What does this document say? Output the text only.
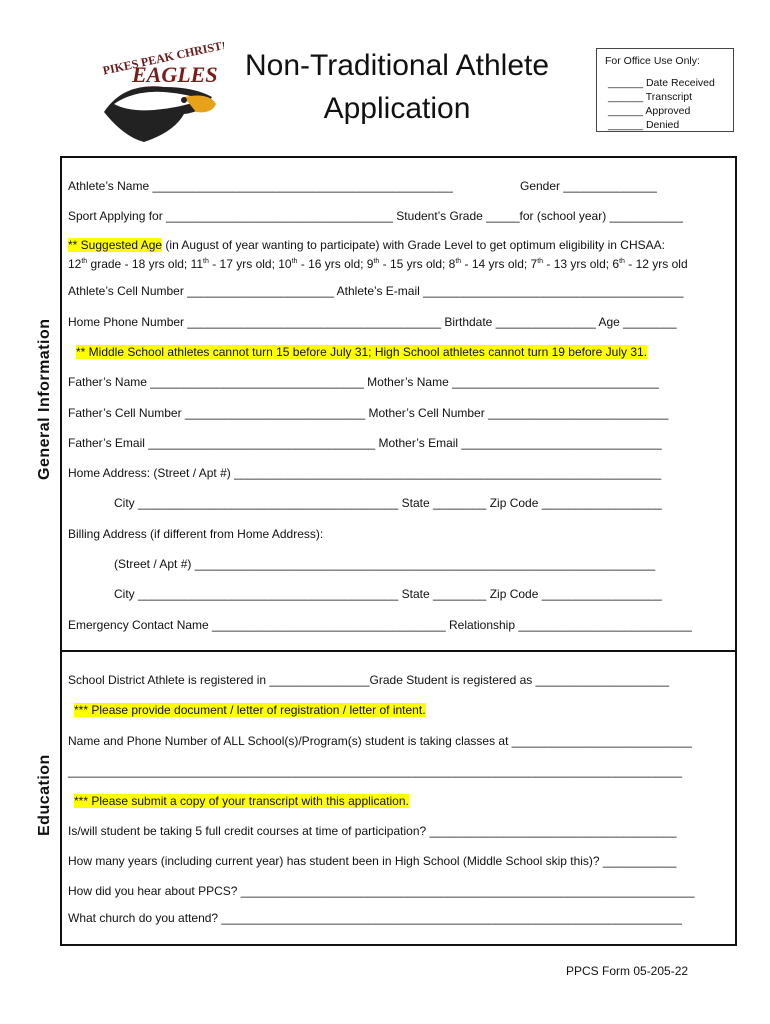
PIKES PEAK CHRISTIAN
EAGLES Non-Traditional Athlete
Application
For Office Use Only:
______ Date Received
______ Transcript
______ Approved
______ Denied
General Information
Education
Athlete’s Name _____________________________________________	Gender ______________
Sport Applying for __________________________________ Student’s Grade _____for (school year) ___________
** Suggested Age (in August of year wanting to participate) with Grade Level to get optimum eligibility in CHSAA:
12th grade - 18 yrs old; 11th - 17 yrs old; 10th - 16 yrs old; 9th - 15 yrs old; 8th - 14 yrs old; 7th - 13 yrs old; 6th - 12 yrs old
Athlete’s Cell Number ______________________ Athlete’s E-mail _______________________________________
Home Phone Number ______________________________________ Birthdate _______________ Age ________
** Middle School athletes cannot turn 15 before July 31; High School athletes cannot turn 19 before July 31.
Father’s Name ________________________________ Mother’s Name _______________________________
Father’s Cell Number ___________________________ Mother’s Cell Number ___________________________
Father’s Email __________________________________ Mother’s Email ______________________________
Home Address: (Street / Apt #) ________________________________________________________________
City _______________________________________ State ________ Zip Code __________________
Billing Address (if different from Home Address):
(Street / Apt #) _____________________________________________________________________
City _______________________________________ State ________ Zip Code __________________
Emergency Contact Name ___________________________________ Relationship __________________________
School District Athlete is registered in _______________Grade Student is registered as ____________________
*** Please provide document / letter of registration / letter of intent.
Name and Phone Number of ALL School(s)/Program(s) student is taking classes at ___________________________
____________________________________________________________________________________________
*** Please submit a copy of your transcript with this application.
Is/will student be taking 5 full credit courses at time of participation? _____________________________________
How many years (including current year) has student been in High School (Middle School skip this)? ___________
How did you hear about PPCS? ____________________________________________________________________
What church do you attend? _____________________________________________________________________
PPCS Form 05-205-22
